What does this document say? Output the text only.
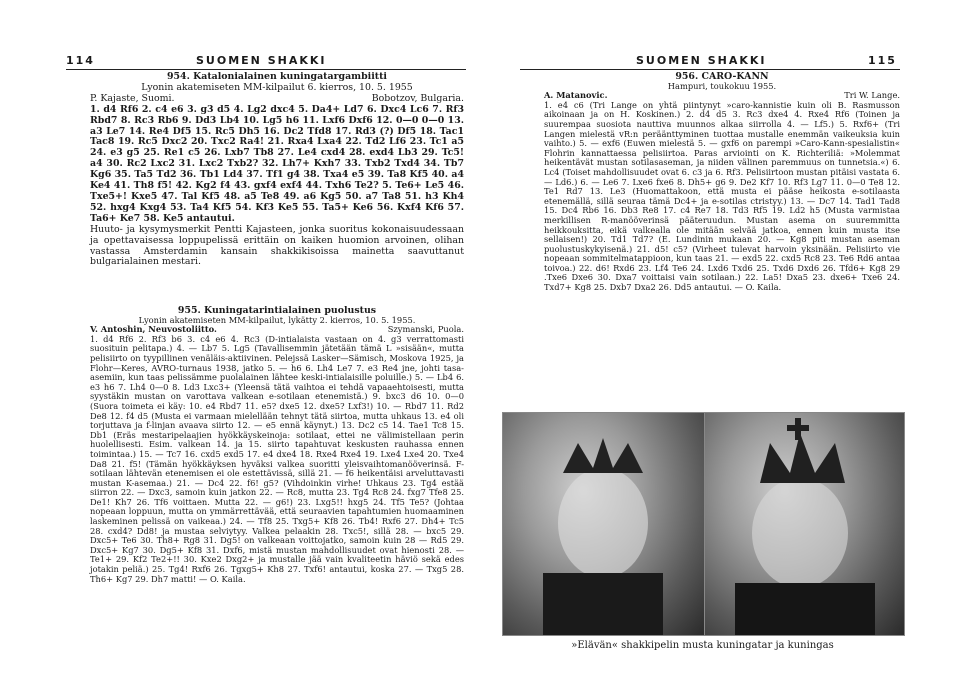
114	SUOMEN SHAKKI

954. Katalonialainen kuningatargambiitti

Lyonin akatemiseten MM-kilpailut 6. kierros, 10. 5. 1955

P. Kajaste, Suomi.	Bobotzov, Bulgaria.

1. d4 Rf6 2. c4 e6 3. g3 d5 4. Lg2 dxc4 5. Da4+ Ld7 6. Dxc4 Lc6 7. Rf3 Rbd7 8. Rc3 Rb6 9. Dd3 Lb4 10. Lg5 h6 11. Lxf6 Dxf6 12. 0—0 0—0 13. a3 Le7 14. Re4 Df5 15. Rc5 Dh5 16. Dc2 Tfd8 17. Rd3 (?) Df5 18. Tac1 Tac8 19. Rc5 Dxc2 20. Txc2 Ra4! 21. Rxa4 Lxa4 22. Td2 Lf6 23. Tc1 a5 24. e3 g5 25. Re1 c5 26. Lxb7 Tb8 27. Le4 cxd4 28. exd4 Lb3 29. Tc5! a4 30. Rc2 Lxc2 31. Lxc2 Txb2? 32. Lh7+ Kxh7 33. Txb2 Txd4 34. Tb7 Kg6 35. Ta5 Td2 36. Tb1 Ld4 37. Tf1 g4 38. Txa4 e5 39. Ta8 Kf5 40. a4 Ke4 41. Th8 f5! 42. Kg2 f4 43. gxf4 exf4 44. Txh6 Te2? 5. Te6+ Le5 46. Txe5+! Kxe5 47. Tal Kf5 48. a5 Te8 49. a6 Kg5 50. a7 Ta8 51. h3 Kh4 52. hxg4 Kxg4 53. Ta4 Kf5 54. Kf3 Ke5 55. Ta5+ Ke6 56. Kxf4 Kf6 57. Ta6+ Ke7 58. Ke5 antautui.

Huuto- ja kysymysmerkit Pentti Kajasteen, jonka suoritus kokonaisuudessaan ja opettavaisessa loppupelissä erittäin on kaiken huomion arvoinen, olihan vastassa Amsterdamin kansain shakkikisoissa mainetta saavuttanut bulgarialainen mestari.

955. Kuningatarintialainen puolustus

Lyonin akatemiseten MM-kilpailut, lykätty 2. kierros, 10. 5. 1955.

V. Antoshin, Neuvostoliitto.	Szymanski, Puola.

1. d4 Rf6 2. Rf3 b6 3. c4 e6 4. Rc3 (D-intialaista vastaan on 4. g3 verrattomasti suosituin pelitapa.) 4. — Lb7 5. Lg5 (Tavallisemmin jätetään tämä L »sisään«, mutta pelisiirto on tyypillinen venäläis-aktiivinen. Pelejssä Lasker—Sämisch, Moskova 1925, ja Flohr—Keres, AVRO-turnaus 1938, jatko 5. — h6 6. Lh4 Le7 7. e3 Re4 jne, johti tasa-asemiin, kun taas pelissämme puolalainen lähtee keski-intialaisille poluille.) 5. — Lb4 6. e3 h6 7. Lh4 0—0 8. Ld3 Lxc3+ (Yleensä tätä vaihtoa ei tehdä vapaaehtoisesti, mutta syystäkin mustan on varottava valkean e-sotilaan etenemistä.) 9. bxc3 d6 10. 0—0 (Suora toimeta ei käy: 10. e4 Rbd7 11. e5? dxe5 12. dxe5? Lxf3!) 10. — Rbd7 11. Rd2 De8 12. f4 d5 (Musta ei varmaan mielellään tehnyt tätä siirtoa, mutta uhkaus 13. e4 oli torjuttava ja f-linjan avaava siirto 12. — e5 ennä käynyt.) 13. Dc2 c5 14. Tae1 Tc8 15. Db1 (Eräs mestaripelaajien hyökkäyskeinoja: sotilaat, ettei ne välimistellaan perin huolellisesti. Esim. valkean 14. ja 15. siirto tapahtuvat keskusten rauhassa ennen toimintaa.) 15. — Tc7 16. cxd5 exd5 17. e4 dxe4 18. Rxe4 Rxe4 19. Lxe4 Lxe4 20. Txe4 Da8 21. f5! (Tämän hyökkäyksen hyväksi valkea suoritti yleisvaihtomanööverinsä. F-sotilaan lähtevän etenemisen ei ole estettävissä, sillä 21. — f6 heikentäisi arveluttavasti mustan K-asemaa.) 21. — Dc4 22. f6! g5? (Vihdoinkin virhe! Uhkaus 23. Tg4 estää siirron 22. — Dxc3, samoin kuin jatkon 22. — Rc8, mutta 23. Tg4 Rc8 24. fxg7 Tfe8 25. De1! Kh7 26. Tf6 voittaen. Mutta 22. — g6!) 23. Lxg5!! hxg5 24. Tf5 Te5? (Johtaa nopeaan loppuun, mutta on ymmärrettävää, että seuraavien tapahtumien huomaaminen laskeminen pelissä on vaikeaa.) 24. — Tf8 25. Txg5+ Kf8 26. Tb4! Rxf6 27. Dh4+ Tc5 28. cxd4? Dd8! ja mustaa selviytyy. Valkea pelaakin 28. Txc5!, sillä 28. — bxc5 29. Dxc5+ Te6 30. Th8+ Rg8 31. Dg5! on valkeaan voittojatko, samoin kuin 28 — Rd5 29. Dxc5+ Kg7 30. Dg5+ Kf8 31. Dxf6, mistä mustan mahdollisuudet ovat hienosti 28. — Te1+ 29. Kf2 Te2+!! 30. Kxe2 Dxg2+ ja mustalle jää vain kvaliteetin häviö sekä edes jotakin peliä.) 25. Tg4! Rxf6 26. Tgxg5+ Kh8 27. Txf6! antautui, koska 27. — Txg5 28. Th6+ Kg7 29. Dh7 matti! — O. Kaila.

SUOMEN SHAKKI	115

956. CARO-KANN

Hampuri, toukokuu 1955.

A. Matanovic.	Tri W. Lange.

1. e4 c6 (Tri Lange on yhtä piintynyt »caro-kannistie kuin oli B. Rasmusson aikoinaan ja on H. Koskinen.) 2. d4 d5 3. Rc3 dxe4 4. Rxe4 Rf6 (Toinen ja suurempaa suosiota nauttiva muunnos alkaa siirrolla 4. — Lf5.) 5. Rxf6+ (Tri Langen mielestä vR:n peräänttyminen tuottaa mustalle enemmän vaikeuksia kuin vaihto.) 5. — exf6 (Euwen mielestä 5. — gxf6 on parempi »Caro-Kann-spesialistin« Flohrin kannattaessa pelisiirtoa. Paras arviointi on K. Richteriliä: »Molemmat heikentävät mustan sotilasaseman, ja niiden välinen paremmuus on tunnetsia.«) 6. Lc4 (Toiset mahdollisuudet ovat 6. c3 ja 6. Rf3. Pelisiirtoon mustan pitäisi vastata 6. — Ld6.) 6. — Le6 7. Lxe6 fxe6 8. Dh5+ g6 9. De2 Kf7 10. Rf3 Lg7 11. 0—0 Te8 12. Te1 Rd7 13. Le3 (Huomattakoon, että musta ei pääse heikosta e-sotilaasta etenemällä, sillä seuraa tämä Dc4+ ja e-sotilas ctristyy.) 13. — Dc7 14. Tad1 Tad8 15. Dc4 Rb6 16. Db3 Re8 17. c4 Re7 18. Td3 Rf5 19. Ld2 h5 (Musta varmistaa merkillisen R-manööverinsä pääteruudun. Mustan asema on suuremmitta heikkouksitta, eikä valkealla ole mitään selvää jatkoa, ennen kuin musta itse sellaisen!) 20. Td1 Td7? (E. Lundinin mukaan 20. — Kg8 piti mustan aseman puolustuskykyisenä.) 21. d5! c5? (Virheet tulevat harvoin yksinään. Pelisiirto vie nopeaan sommitelmatappioon, kun taas 21. — exd5 22. cxd5 Rc8 23. Te6 Rd6 antaa toivoa.) 22. d6! Rxd6 23. Lf4 Te6 24. Lxd6 Txd6 25. Txd6 Dxd6 26. Tfd6+ Kg8 29 .Txe6 Dxe6 30. Dxa7 voittaisi vain sotilaan.) 22. La5! Dxa5 23. dxe6+ Txe6 24. Txd7+ Kg8 25. Dxb7 Dxa2 26. Dd5 antautui. — O. Kaila.

»Elävän« shakkipelin musta kuningatar ja kuningas
